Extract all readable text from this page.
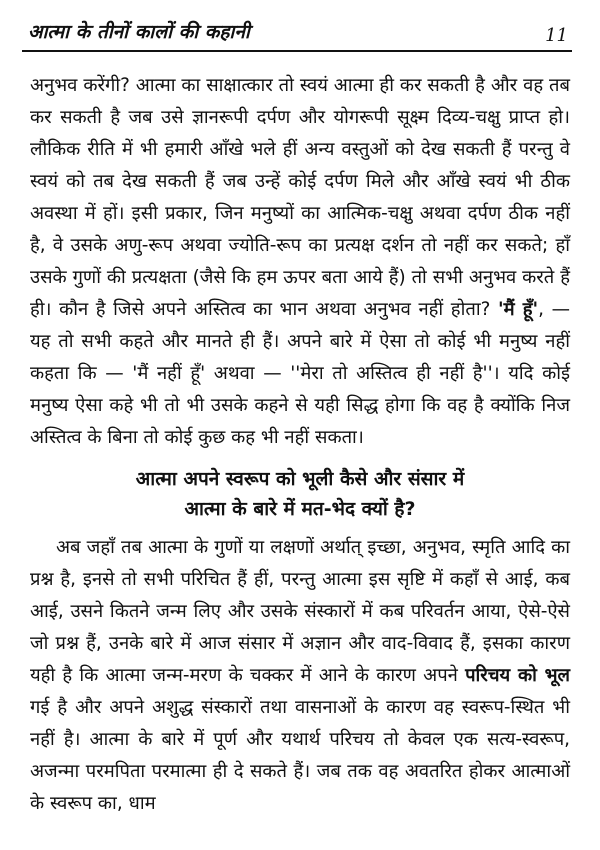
आत्मा के तीनों कालों की कहानी	11

अनुभव करेंगी? आत्मा का साक्षात्कार तो स्वयं आत्मा ही कर सकती है और वह तब कर सकती है जब उसे ज्ञानरूपी दर्पण और योगरूपी सूक्ष्म दिव्य-चक्षु प्राप्त हो। लौकिक रीति में भी हमारी आँखे भले हीं अन्य वस्तुओं को देख सकती हैं परन्तु वे स्वयं को तब देख सकती हैं जब उन्हें कोई दर्पण मिले और आँखे स्वयं भी ठीक अवस्था में हों। इसी प्रकार, जिन मनुष्यों का आत्मिक-चक्षु अथवा दर्पण ठीक नहीं है, वे उसके अणु-रूप अथवा ज्योति-रूप का प्रत्यक्ष दर्शन तो नहीं कर सकते; हाँ उसके गुणों की प्रत्यक्षता (जैसे कि हम ऊपर बता आये हैं) तो सभी अनुभव करते हैं ही। कौन है जिसे अपने अस्तित्व का भान अथवा अनुभव नहीं होता? 'मैं हूँ', — यह तो सभी कहते और मानते ही हैं। अपने बारे में ऐसा तो कोई भी मनुष्य नहीं कहता कि — 'मैं नहीं हूँ' अथवा — ''मेरा तो अस्तित्व ही नहीं है''। यदि कोई मनुष्य ऐसा कहे भी तो भी उसके कहने से यही सिद्ध होगा कि वह है क्योंकि निज अस्तित्व के बिना तो कोई कुछ कह भी नहीं सकता।

आत्मा अपने स्वरूप को भूली कैसे और संसार में
आत्मा के बारे में मत-भेद क्यों है?

अब जहाँ तब आत्मा के गुणों या लक्षणों अर्थात् इच्छा, अनुभव, स्मृति आदि का प्रश्न है, इनसे तो सभी परिचित हैं हीं, परन्तु आत्मा इस सृष्टि में कहाँ से आई, कब आई, उसने कितने जन्म लिए और उसके संस्कारों में कब परिवर्तन आया, ऐसे-ऐसे जो प्रश्न हैं, उनके बारे में आज संसार में अज्ञान और वाद-विवाद हैं, इसका कारण यही है कि आत्मा जन्म-मरण के चक्कर में आने के कारण अपने परिचय को भूल गई है और अपने अशुद्ध संस्कारों तथा वासनाओं के कारण वह स्वरूप-स्थित भी नहीं है। आत्मा के बारे में पूर्ण और यथार्थ परिचय तो केवल एक सत्य-स्वरूप, अजन्मा परमपिता परमात्मा ही दे सकते हैं। जब तक वह अवतरित होकर आत्माओं के स्वरूप का, धाम
